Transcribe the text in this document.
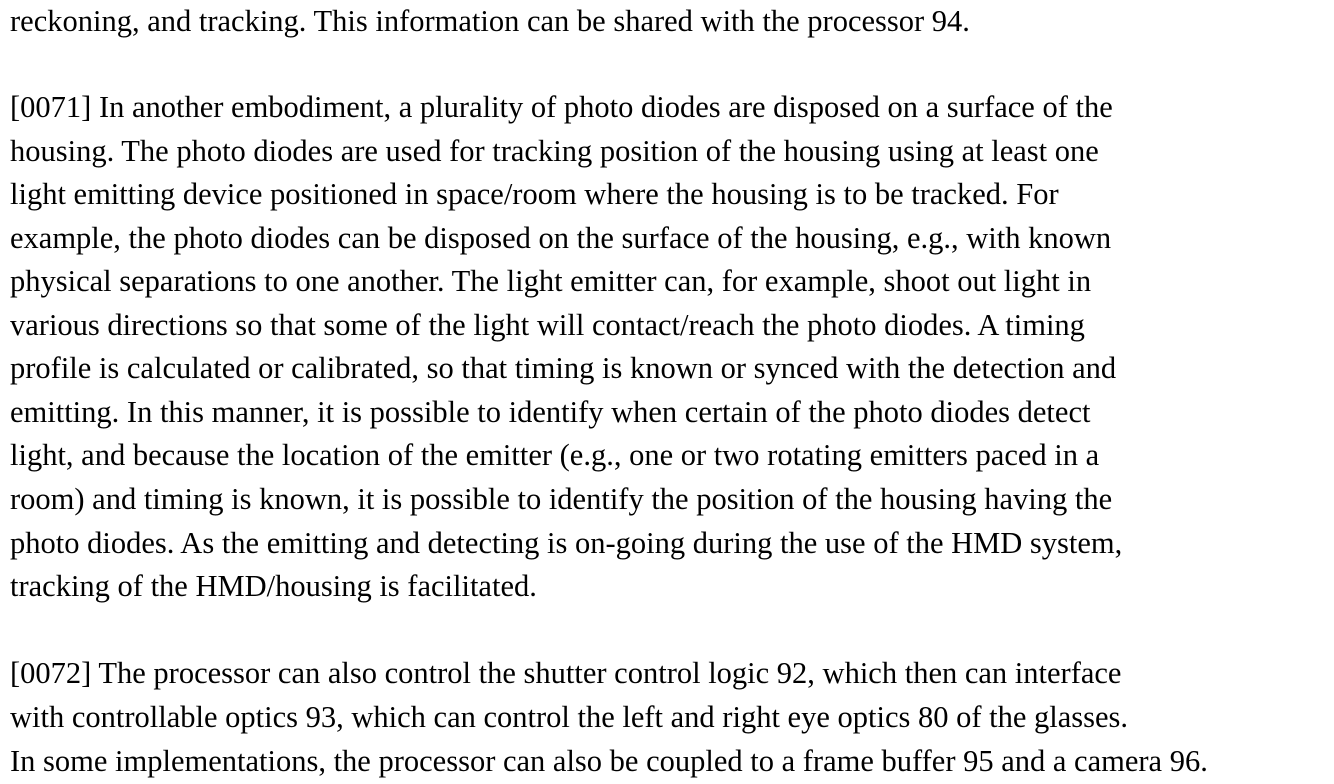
reckoning, and tracking. This information can be shared with the processor 94.
[0071] In another embodiment, a plurality of photo diodes are disposed on a surface of the
housing. The photo diodes are used for tracking position of the housing using at least one
light emitting device positioned in space/room where the housing is to be tracked. For
example, the photo diodes can be disposed on the surface of the housing, e.g., with known
physical separations to one another. The light emitter can, for example, shoot out light in
various directions so that some of the light will contact/reach the photo diodes. A timing
profile is calculated or calibrated, so that timing is known or synced with the detection and
emitting. In this manner, it is possible to identify when certain of the photo diodes detect
light, and because the location of the emitter (e.g., one or two rotating emitters paced in a
room) and timing is known, it is possible to identify the position of the housing having the
photo diodes. As the emitting and detecting is on-going during the use of the HMD system,
tracking of the HMD/housing is facilitated.
[0072] The processor can also control the shutter control logic 92, which then can interface
with controllable optics 93, which can control the left and right eye optics 80 of the glasses.
In some implementations, the processor can also be coupled to a frame buffer 95 and a camera 96.
